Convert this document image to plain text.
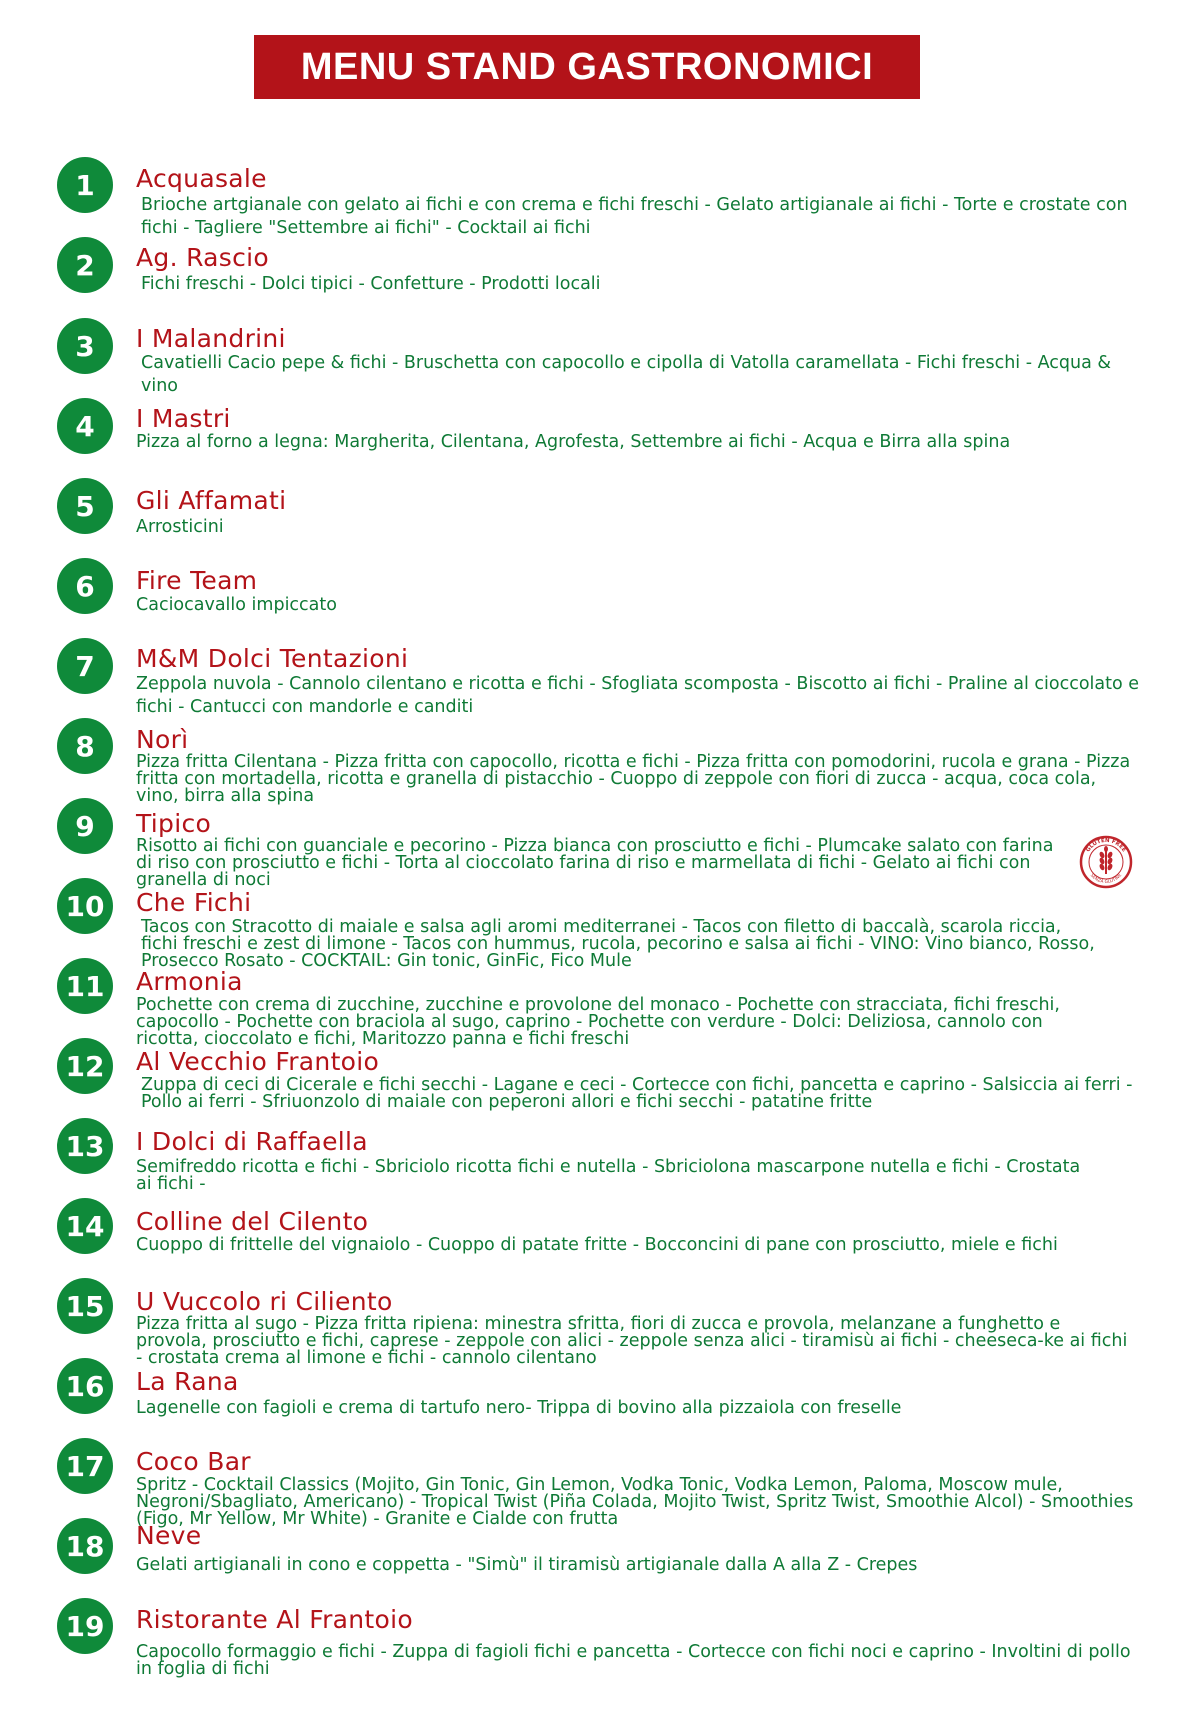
MENU STAND GASTRONOMICI
1	Acquasale
Brioche artgianale con gelato ai fichi e con crema e fichi freschi - Gelato artigianale ai fichi - Torte e crostate con fichi - Tagliere "Settembre ai fichi" - Cocktail ai fichi
2	Ag. Rascio
Fichi freschi - Dolci tipici - Confetture - Prodotti locali
3	I Malandrini
Cavatielli Cacio pepe & fichi - Bruschetta con capocollo e cipolla di Vatolla caramellata - Fichi freschi - Acqua & vino
4	I Mastri
Pizza al forno a legna: Margherita, Cilentana, Agrofesta, Settembre ai fichi - Acqua e Birra alla spina
5	Gli Affamati
Arrosticini
6	Fire Team
Caciocavallo impiccato
7	M&M Dolci Tentazioni
Zeppola nuvola - Cannolo cilentano e ricotta e fichi - Sfogliata scomposta - Biscotto ai fichi - Praline al cioccolato e fichi - Cantucci con mandorle e canditi
8	Norì
Pizza fritta Cilentana - Pizza fritta con capocollo, ricotta e fichi - Pizza fritta con pomodorini, rucola e grana - Pizza fritta con mortadella, ricotta e granella di pistacchio - Cuoppo di zeppole con fiori di zucca - acqua, coca cola, vino, birra alla spina
9	Tipico
Risotto ai fichi con guanciale e pecorino - Pizza bianca con prosciutto e fichi - Plumcake salato con farina di riso con prosciutto e fichi - Torta al cioccolato farina di riso e marmellata di fichi - Gelato ai fichi con granella di noci
10	Che Fichi
Tacos con Stracotto di maiale e salsa agli aromi mediterranei - Tacos con filetto di baccalà, scarola riccia, fichi freschi e zest di limone - Tacos con hummus, rucola, pecorino e salsa ai fichi - VINO: Vino bianco, Rosso, Prosecco Rosato - COCKTAIL: Gin tonic, GinFic, Fico Mule
11	Armonia
Pochette con crema di zucchine, zucchine e provolone del monaco - Pochette con stracciata, fichi freschi, capocollo - Pochette con braciola al sugo, caprino - Pochette con verdure - Dolci: Deliziosa, cannolo con ricotta, cioccolato e fichi, Maritozzo panna e fichi freschi
12	Al Vecchio Frantoio
Zuppa di ceci di Cicerale e fichi secchi - Lagane e ceci - Cortecce con fichi, pancetta e caprino - Salsiccia ai ferri - Pollo ai ferri - Sfriuonzolo di maiale con peperoni allori e fichi secchi - patatine fritte
13	I Dolci di Raffaella
Semifreddo ricotta e fichi - Sbriciolo ricotta fichi e nutella - Sbriciolona mascarpone nutella e fichi - Crostata ai fichi -
14	Colline del Cilento
Cuoppo di frittelle del vignaiolo - Cuoppo di patate fritte - Bocconcini di pane con prosciutto, miele e fichi
15	U Vuccolo ri Ciliento
Pizza fritta al sugo - Pizza fritta ripiena: minestra sfritta, fiori di zucca e provola, melanzane a funghetto e provola, prosciutto e fichi, caprese - zeppole con alici - zeppole senza alici - tiramisù ai fichi - cheeseca-ke ai fichi - crostata crema al limone e fichi - cannolo cilentano
16	La Rana
Lagenelle con fagioli e crema di tartufo nero- Trippa di bovino alla pizzaiola con freselle
17	Coco Bar
Spritz - Cocktail Classics (Mojito, Gin Tonic, Gin Lemon, Vodka Tonic, Vodka Lemon, Paloma, Moscow mule, Negroni/Sbagliato, Americano) - Tropical Twist (Piña Colada, Mojito Twist, Spritz Twist, Smoothie Alcol) - Smoothies (Figo, Mr Yellow, Mr White) - Granite e Cialde con frutta
18	Neve
Gelati artigianali in cono e coppetta - "Simù" il tiramisù artigianale dalla A alla Z - Crepes
19	Ristorante Al Frantoio
Capocollo formaggio e fichi - Zuppa di fagioli fichi e pancetta - Cortecce con fichi noci e caprino - Involtini di pollo in foglia di fichi
GLUTEN FREE
SENZA GLUTINE
